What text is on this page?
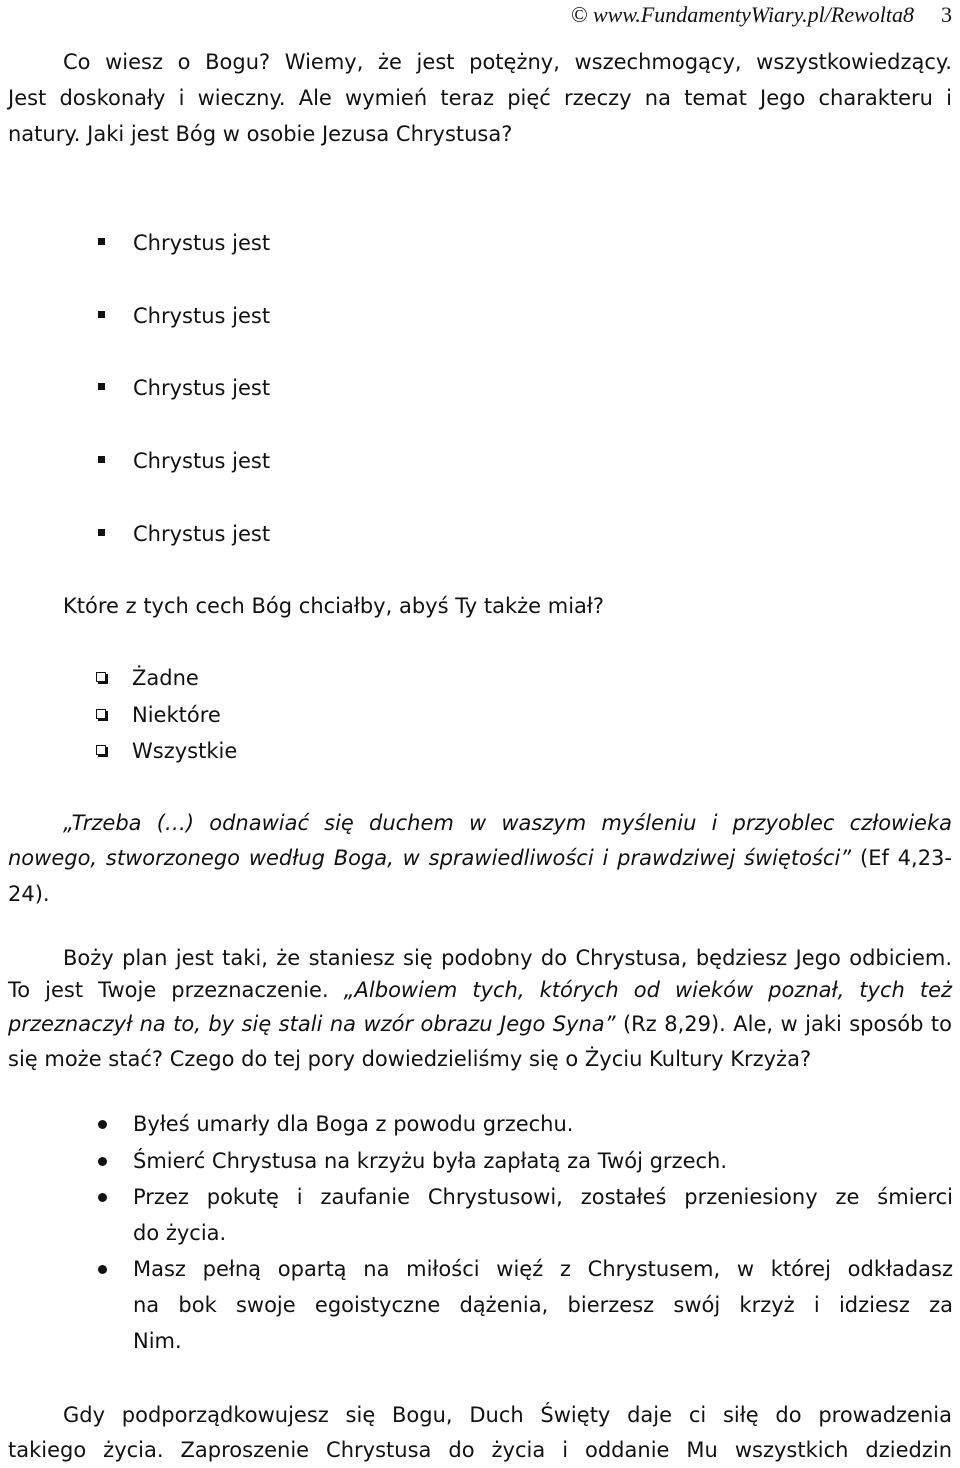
© www.FundamentyWiary.pl/Rewolta8 3
Co wiesz o Bogu? Wiemy, że jest potężny, wszechmogący, wszystkowiedzący.
Jest doskonały i wieczny. Ale wymień teraz pięć rzeczy na temat Jego charakteru i
natury. Jaki jest Bóg w osobie Jezusa Chrystusa?
Chrystus jest
Chrystus jest
Chrystus jest
Chrystus jest
Chrystus jest
Które z tych cech Bóg chciałby, abyś Ty także miał?
Żadne
Niektóre
Wszystkie
„Trzeba (…) odnawiać się duchem w waszym myśleniu i przyoblec człowieka
nowego, stworzonego według Boga, w sprawiedliwości i prawdziwej świętości” (Ef 4,23-
24).
Boży plan jest taki, że staniesz się podobny do Chrystusa, będziesz Jego odbiciem.
To jest Twoje przeznaczenie. „Albowiem tych, których od wieków poznał, tych też
przeznaczył na to, by się stali na wzór obrazu Jego Syna” (Rz 8,29). Ale, w jaki sposób to
się może stać? Czego do tej pory dowiedzieliśmy się o Życiu Kultury Krzyża?
Byłeś umarły dla Boga z powodu grzechu.
Śmierć Chrystusa na krzyżu była zapłatą za Twój grzech.
Przez pokutę i zaufanie Chrystusowi, zostałeś przeniesiony ze śmierci
do życia.
Masz pełną opartą na miłości więź z Chrystusem, w której odkładasz
na bok swoje egoistyczne dążenia, bierzesz swój krzyż i idziesz za
Nim.
Gdy podporządkowujesz się Bogu, Duch Święty daje ci siłę do prowadzenia
takiego życia. Zaproszenie Chrystusa do życia i oddanie Mu wszystkich dziedzin
